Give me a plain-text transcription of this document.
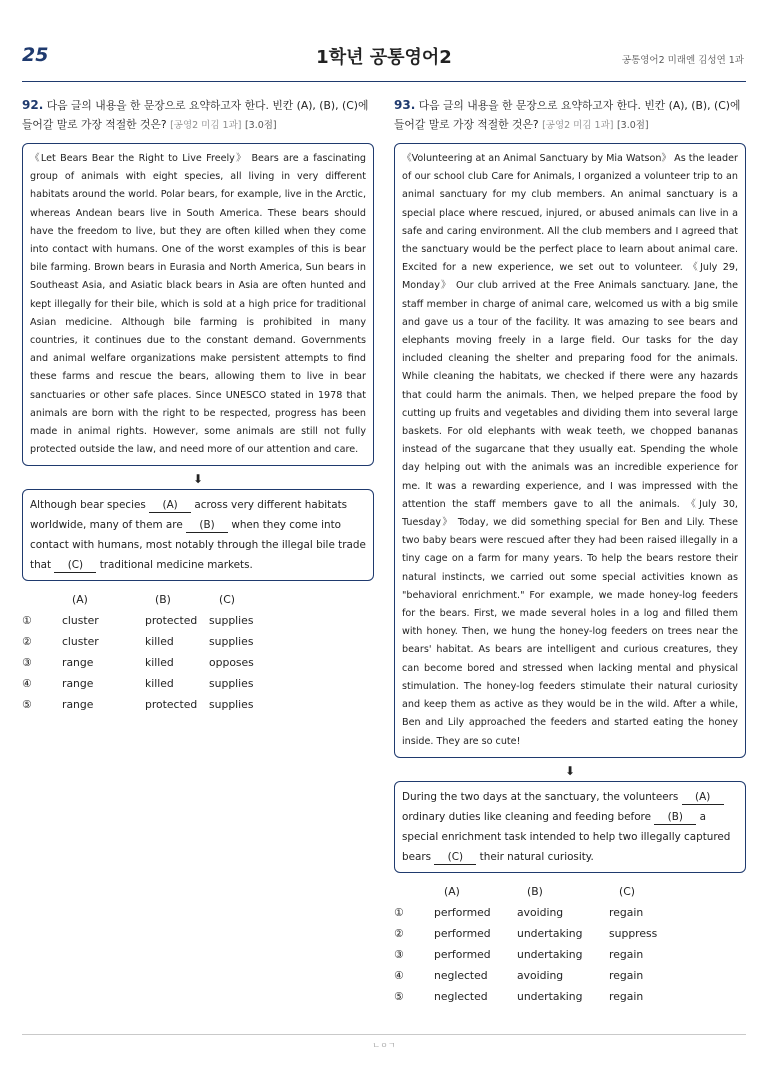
25	1학년 공통영어2	공통영어2 미래엔 김성연 1과
92. 다음 글의 내용을 한 문장으로 요약하고자 한다. 빈칸 (A), (B), (C)에
들어갈 말로 가장 적절한 것은? [공영2 미김 1과] [3.0점]
《Let Bears Bear the Right to Live Freely》 Bears are a fascinating group of animals with eight species, all living in very different habitats around the world. Polar bears, for example, live in the Arctic, whereas Andean bears live in South America. These bears should have the freedom to live, but they are often killed when they come into contact with humans. One of the worst examples of this is bear bile farming. Brown bears in Eurasia and North America, Sun bears in Southeast Asia, and Asiatic black bears in Asia are often hunted and kept illegally for their bile, which is sold at a high price for traditional Asian medicine. Although bile farming is prohibited in many countries, it continues due to the constant demand. Governments and animal welfare organizations make persistent attempts to find these farms and rescue the bears, allowing them to live in bear sanctuaries or other safe places. Since UNESCO stated in 1978 that animals are born with the right to be respected, progress has been made in animal rights. However, some animals are still not fully protected outside the law, and need more of our attention and care.
⬇
Although bear species (A) across very different habitats worldwide, many of them are (B) when they come into contact with humans, most notably through the illegal bile trade that (C) traditional medicine markets.
	(A)	(B)	(C)
①	cluster	protected	supplies
②	cluster	killed	supplies
③	range	killed	opposes
④	range	killed	supplies
⑤	range	protected	supplies
93. 다음 글의 내용을 한 문장으로 요약하고자 한다. 빈칸 (A), (B), (C)에
들어갈 말로 가장 적절한 것은? [공영2 미김 1과] [3.0점]
《Volunteering at an Animal Sanctuary by Mia Watson》 As the leader of our school club Care for Animals, I organized a volunteer trip to an animal sanctuary for my club members. An animal sanctuary is a special place where rescued, injured, or abused animals can live in a safe and caring environment. All the club members and I agreed that the sanctuary would be the perfect place to learn about animal care. Excited for a new experience, we set out to volunteer. 《July 29, Monday》 Our club arrived at the Free Animals sanctuary. Jane, the staff member in charge of animal care, welcomed us with a big smile and gave us a tour of the facility. It was amazing to see bears and elephants moving freely in a large field. Our tasks for the day included cleaning the shelter and preparing food for the animals. While cleaning the habitats, we checked if there were any hazards that could harm the animals. Then, we helped prepare the food by cutting up fruits and vegetables and dividing them into several large baskets. For old elephants with weak teeth, we chopped bananas instead of the sugarcane that they usually eat. Spending the whole day helping out with the animals was an incredible experience for me. It was a rewarding experience, and I was impressed with the attention the staff members gave to all the animals. 《July 30, Tuesday》 Today, we did something special for Ben and Lily. These two baby bears were rescued after they had been raised illegally in a tiny cage on a farm for many years. To help the bears restore their natural instincts, we carried out some special activities known as "behavioral enrichment." For example, we made honey-log feeders for the bears. First, we made several holes in a log and filled them with honey. Then, we hung the honey-log feeders on trees near the bears' habitat. As bears are intelligent and curious creatures, they can become bored and stressed when lacking mental and physical stimulation. The honey-log feeders stimulate their natural curiosity and keep them as active as they would be in the wild. After a while, Ben and Lily approached the feeders and started eating the honey inside. They are so cute!
⬇
During the two days at the sanctuary, the volunteers (A) ordinary duties like cleaning and feeding before (B) a special enrichment task intended to help two illegally captured bears (C) their natural curiosity.
	(A)	(B)	(C)
①	performed	avoiding	regain
②	performed	undertaking	suppress
③	performed	undertaking	regain
④	neglected	avoiding	regain
⑤	neglected	undertaking	regain
ㄴㅇㄱ
